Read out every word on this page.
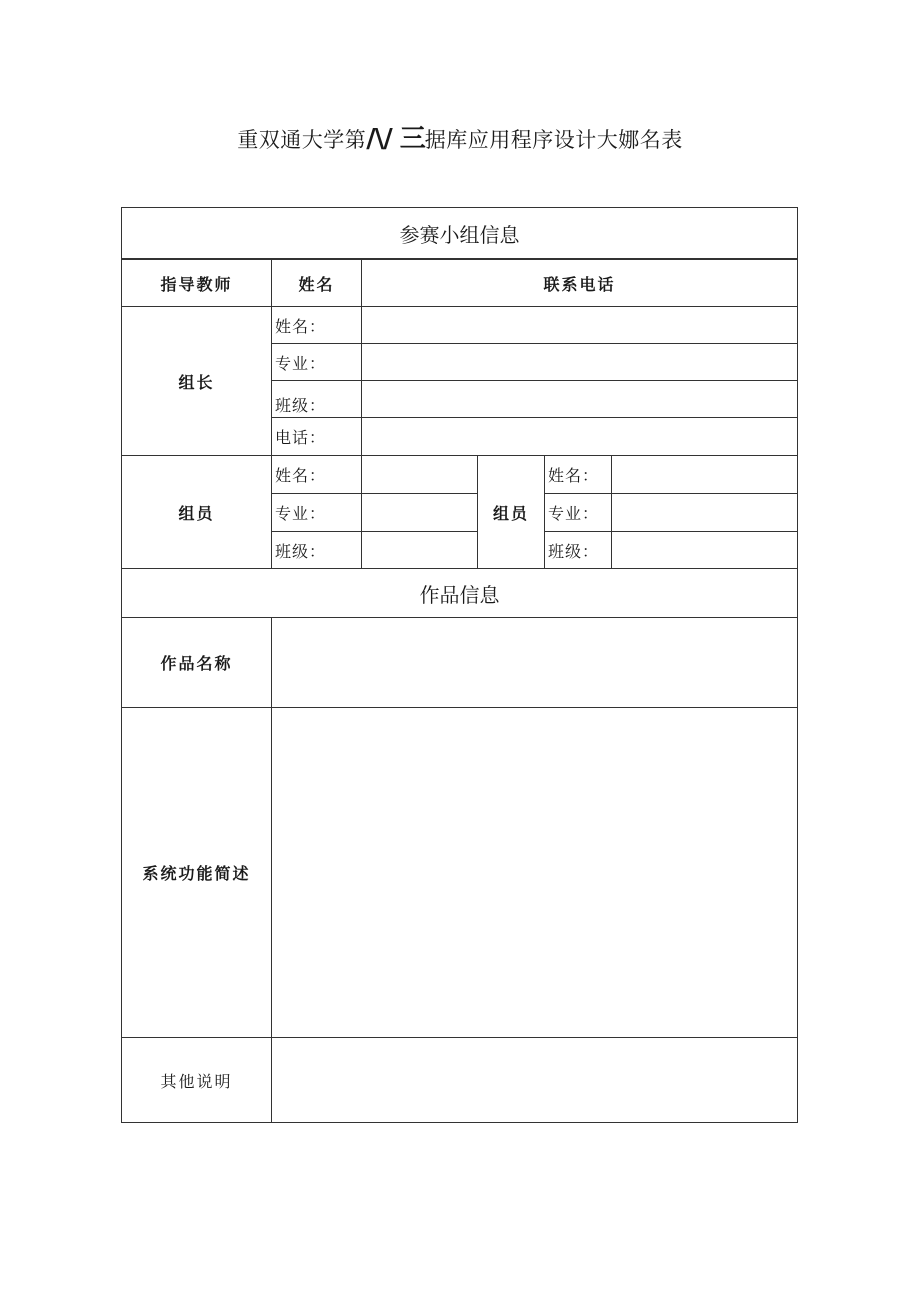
重双通大学第/\/ 三据库应用程序设计大娜名表
参赛小组信息
指导教师	姓名	联系电话
组长
姓名：
专业：
班级：
电话：
组员
姓名：
专业：
班级：
组员
姓名：
专业：
班级：
作品信息
作品名称
系统功能简述
其他说明
